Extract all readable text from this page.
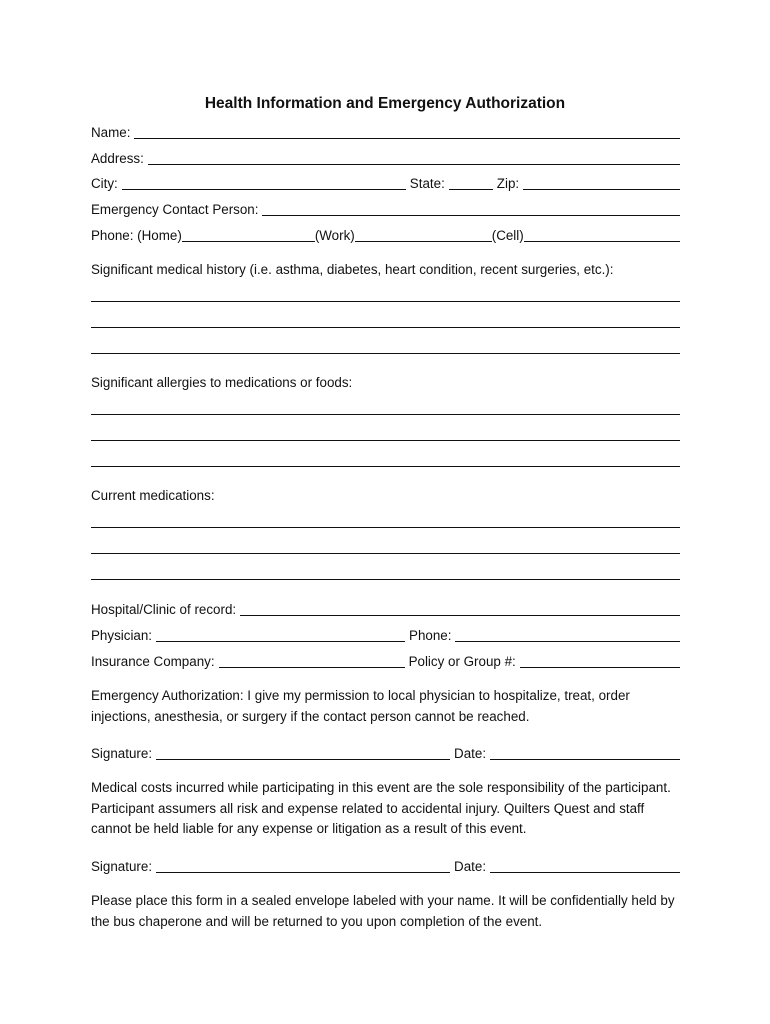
Health Information and Emergency Authorization
Name:
Address:
City:	State:	Zip:
Emergency Contact Person:
Phone: (Home)	(Work)	(Cell)
Significant medical history (i.e. asthma, diabetes, heart condition, recent surgeries, etc.):
Significant allergies to medications or foods:
Current medications:
Hospital/Clinic of record:
Physician:	Phone:
Insurance Company:	Policy or Group #:
Emergency Authorization: I give my permission to local physician to hospitalize, treat, order injections, anesthesia, or surgery if the contact person cannot be reached.
Signature:	Date:
Medical costs incurred while participating in this event are the sole responsibility of the participant. Participant assumers all risk and expense related to accidental injury. Quilters Quest and staff cannot be held liable for any expense or litigation as a result of this event.
Signature:	Date:
Please place this form in a sealed envelope labeled with your name. It will be confidentially held by the bus chaperone and will be returned to you upon completion of the event.
